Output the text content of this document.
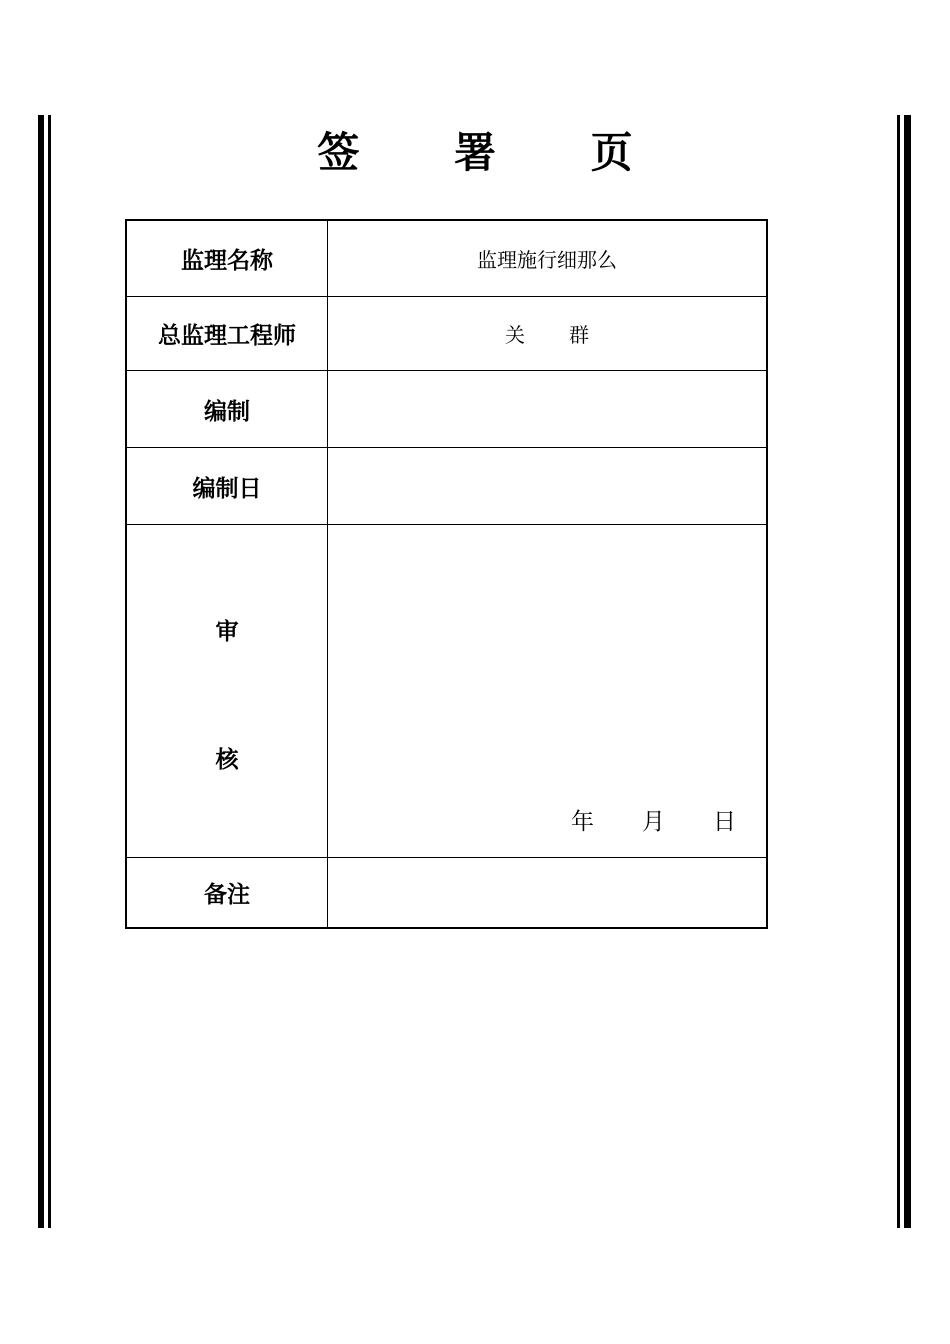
签 署 页
监理名称	监理施行细那么
总监理工程师	关 群
编制	
编制日	

审
核	年 月 日

备注	
